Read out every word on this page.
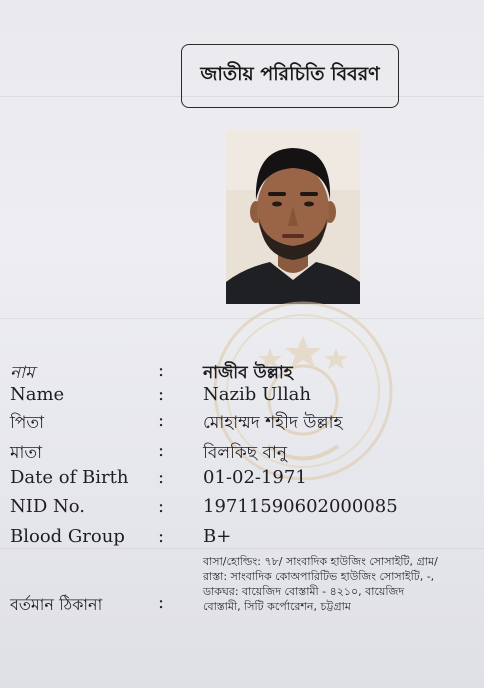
জাতীয় পরিচিতি বিবরণ
নাম	: নাজীব উল্লাহ
Name	: Nazib Ullah
পিতা	: মোহাম্মদ শহীদ উল্লাহ
মাতা	: বিলকিছ বানু
Date of Birth : 01-02-1971
NID No.	: 19711590602000085
Blood Group : B+
বর্তমান ঠিকানা	:
বাসা/হোল্ডিং: ৭৮/ সাংবাদিক হাউজিং সোসাইটি, গ্রাম/রাস্তা: সাংবাদিক কোঅপারিটিভ হাউজিং সোসাইটি, -, ডাকঘর: বায়েজিদ বোস্তামী - ৪২১০, বায়েজিদ বোস্তামী, সিটি কর্পোরেশন, চট্টগ্রাম
